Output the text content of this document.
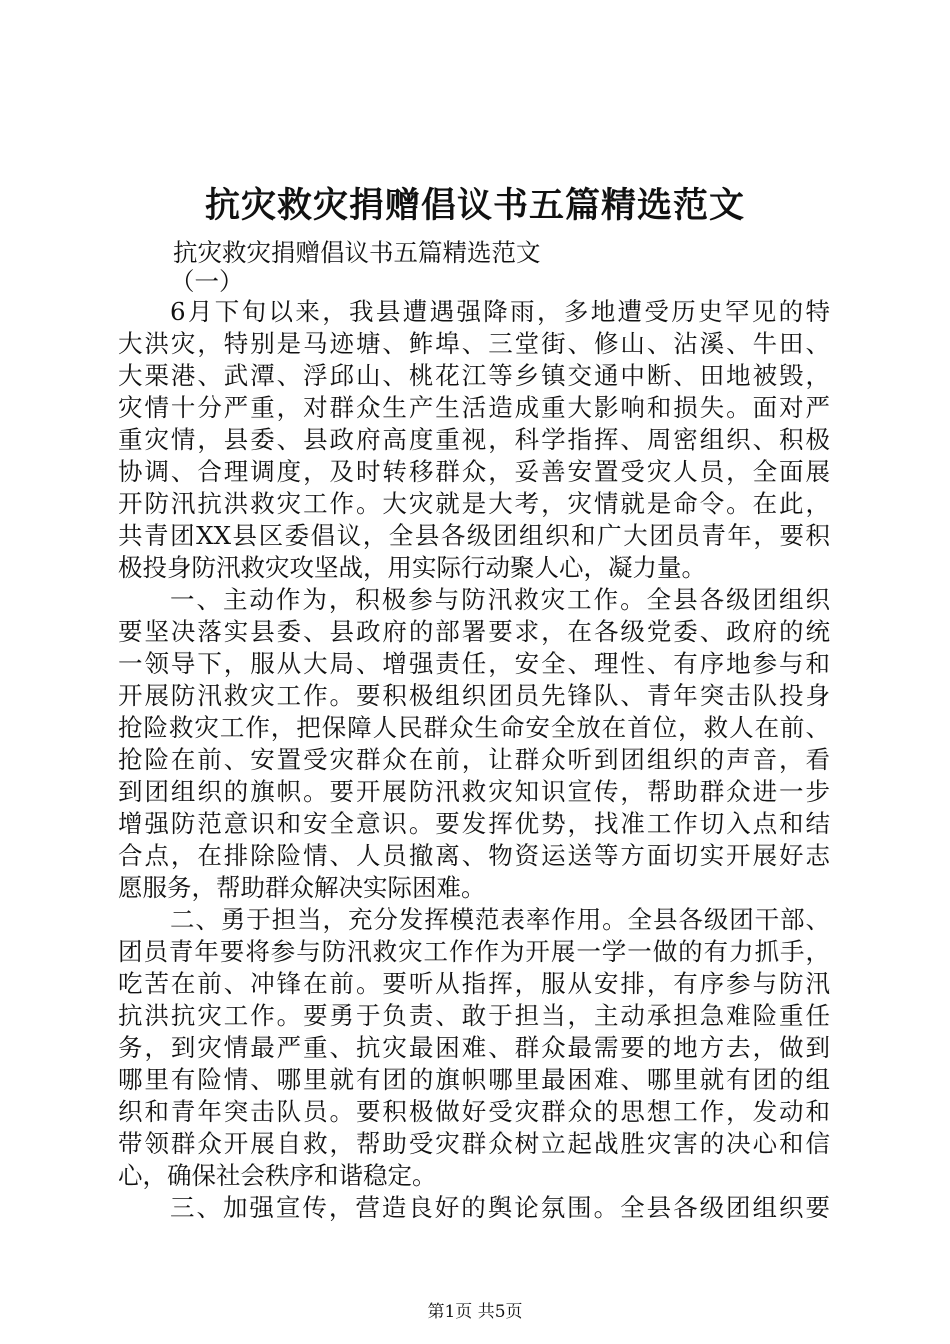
抗灾救灾捐赠倡议书五篇精选范文
抗灾救灾捐赠倡议书五篇精选范文
（一）
6月下旬以来，我县遭遇强降雨，多地遭受历史罕见的特
大洪灾，特别是马迹塘、鲊埠、三堂街、修山、沾溪、牛田、
大栗港、武潭、浮邱山、桃花江等乡镇交通中断、田地被毁，
灾情十分严重，对群众生产生活造成重大影响和损失。面对严
重灾情，县委、县政府高度重视，科学指挥、周密组织、积极
协调、合理调度，及时转移群众，妥善安置受灾人员，全面展
开防汛抗洪救灾工作。大灾就是大考，灾情就是命令。在此，
共青团XX县区委倡议，全县各级团组织和广大团员青年，要积
极投身防汛救灾攻坚战，用实际行动聚人心，凝力量。
一、主动作为，积极参与防汛救灾工作。全县各级团组织
要坚决落实县委、县政府的部署要求，在各级党委、政府的统
一领导下，服从大局、增强责任，安全、理性、有序地参与和
开展防汛救灾工作。要积极组织团员先锋队、青年突击队投身
抢险救灾工作，把保障人民群众生命安全放在首位，救人在前、
抢险在前、安置受灾群众在前，让群众听到团组织的声音，看
到团组织的旗帜。要开展防汛救灾知识宣传，帮助群众进一步
增强防范意识和安全意识。要发挥优势，找准工作切入点和结
合点，在排除险情、人员撤离、物资运送等方面切实开展好志
愿服务，帮助群众解决实际困难。
二、勇于担当，充分发挥模范表率作用。全县各级团干部、
团员青年要将参与防汛救灾工作作为开展一学一做的有力抓手，
吃苦在前、冲锋在前。要听从指挥，服从安排，有序参与防汛
抗洪抗灾工作。要勇于负责、敢于担当，主动承担急难险重任
务，到灾情最严重、抗灾最困难、群众最需要的地方去，做到
哪里有险情、哪里就有团的旗帜哪里最困难、哪里就有团的组
织和青年突击队员。要积极做好受灾群众的思想工作，发动和
带领群众开展自救，帮助受灾群众树立起战胜灾害的决心和信
心，确保社会秩序和谐稳定。
三、加强宣传，营造良好的舆论氛围。全县各级团组织要
第1页 共5页
